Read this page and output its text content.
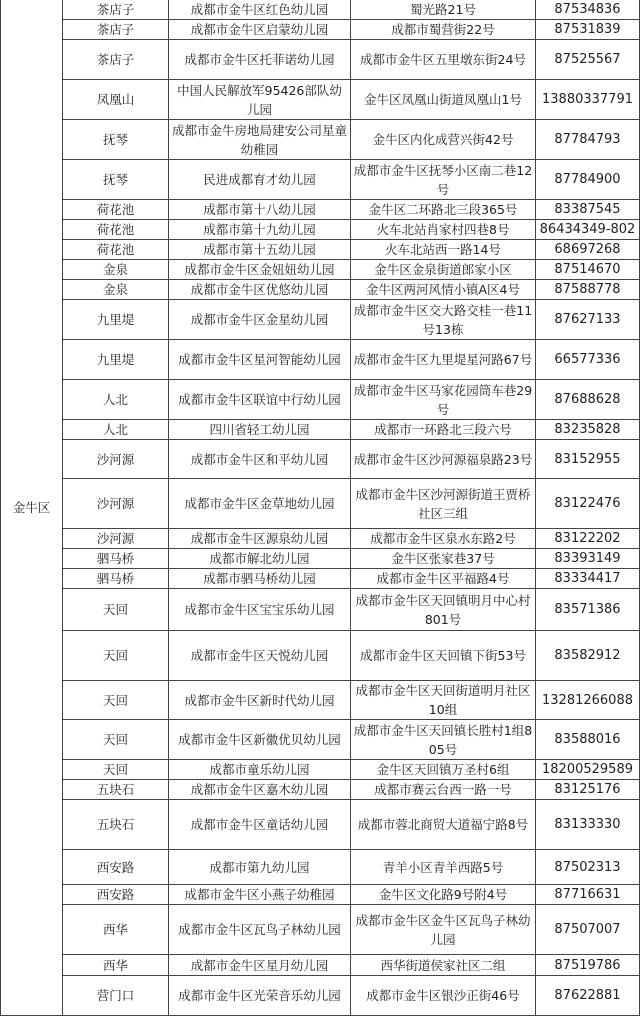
金牛区	茶店子	成都市金牛区红色幼儿园	蜀光路21号	87534836
	茶店子	成都市金牛区启蒙幼儿园	成都市蜀营街22号	87531839
	茶店子	成都市金牛区托菲诺幼儿园	成都市金牛区五里墩东街24号	87525567
	凤凰山	中国人民解放军95426部队幼儿园	金牛区凤凰山街道凤凰山1号	13880337791
	抚琴	成都市金牛房地局建安公司星童幼稚园	金牛区内化成营兴街42号	87784793
	抚琴	民进成都育才幼儿园	成都市金牛区抚琴小区南二巷12号	87784900
	荷花池	成都市第十八幼儿园	金牛区二环路北三段365号	83387545
	荷花池	成都市第十九幼儿园	火车北站肖家村四巷8号	86434349-802
	荷花池	成都市第十五幼儿园	火车北站西一路14号	68697268
	金泉	成都市金牛区金妞妞幼儿园	金牛区金泉街道郎家小区	87514670
	金泉	成都市金牛区优悠幼儿园	金牛区两河风情小镇A区4号	87588778
	九里堤	成都市金牛区金星幼儿园	成都市金牛区交大路交桂一巷11号13栋	87627133
	九里堤	成都市金牛区星河智能幼儿园	成都市金牛区九里堤星河路67号	66577336
	人北	成都市金牛区联谊中行幼儿园	成都市金牛区马家花园筒车巷29号	87688628
	人北	四川省轻工幼儿园	成都市一环路北三段六号	83235828
	沙河源	成都市金牛区和平幼儿园	成都市金牛区沙河源福泉路23号	83152955
	沙河源	成都市金牛区金草地幼儿园	成都市金牛区沙河源街道王贾桥社区三组	83122476
	沙河源	成都市金牛区源泉幼儿园	成都市金牛区泉水东路2号	83122202
	驷马桥	成都市解北幼儿园	金牛区张家巷37号	83393149
	驷马桥	成都市驷马桥幼儿园	成都市金牛区平福路4号	83334417
	天回	成都市金牛区宝宝乐幼儿园	成都市金牛区天回镇明月中心村801号	83571386
	天回	成都市金牛区天悦幼儿园	成都市金牛区天回镇下街53号	83582912
	天回	成都市金牛区新时代幼儿园	成都市金牛区天回街道明月社区10组	13281266088
	天回	成都市金牛区新徽优贝幼儿园	成都市金牛区天回镇长胜村1组805号	83588016
	天回	成都市童乐幼儿园	金牛区天回镇万圣村6组	18200529589
	五块石	成都市金牛区嘉木幼儿园	成都市赛云台西一路一号	83125176
	五块石	成都市金牛区童话幼儿园	成都市蓉北商贸大道福宁路8号	83133330
	西安路	成都市第九幼儿园	青羊小区青羊西路5号	87502313
	西安路	成都市金牛区小燕子幼稚园	金牛区文化路9号附4号	87716631
	西华	成都市金牛区瓦鸟子林幼儿园	成都市金牛区金牛区瓦鸟子林幼儿园	87507007
	西华	成都市金牛区星月幼儿园	西华街道侯家社区二组	87519786
	营门口	成都市金牛区光荣音乐幼儿园	成都市金牛区银沙正街46号	87622881
